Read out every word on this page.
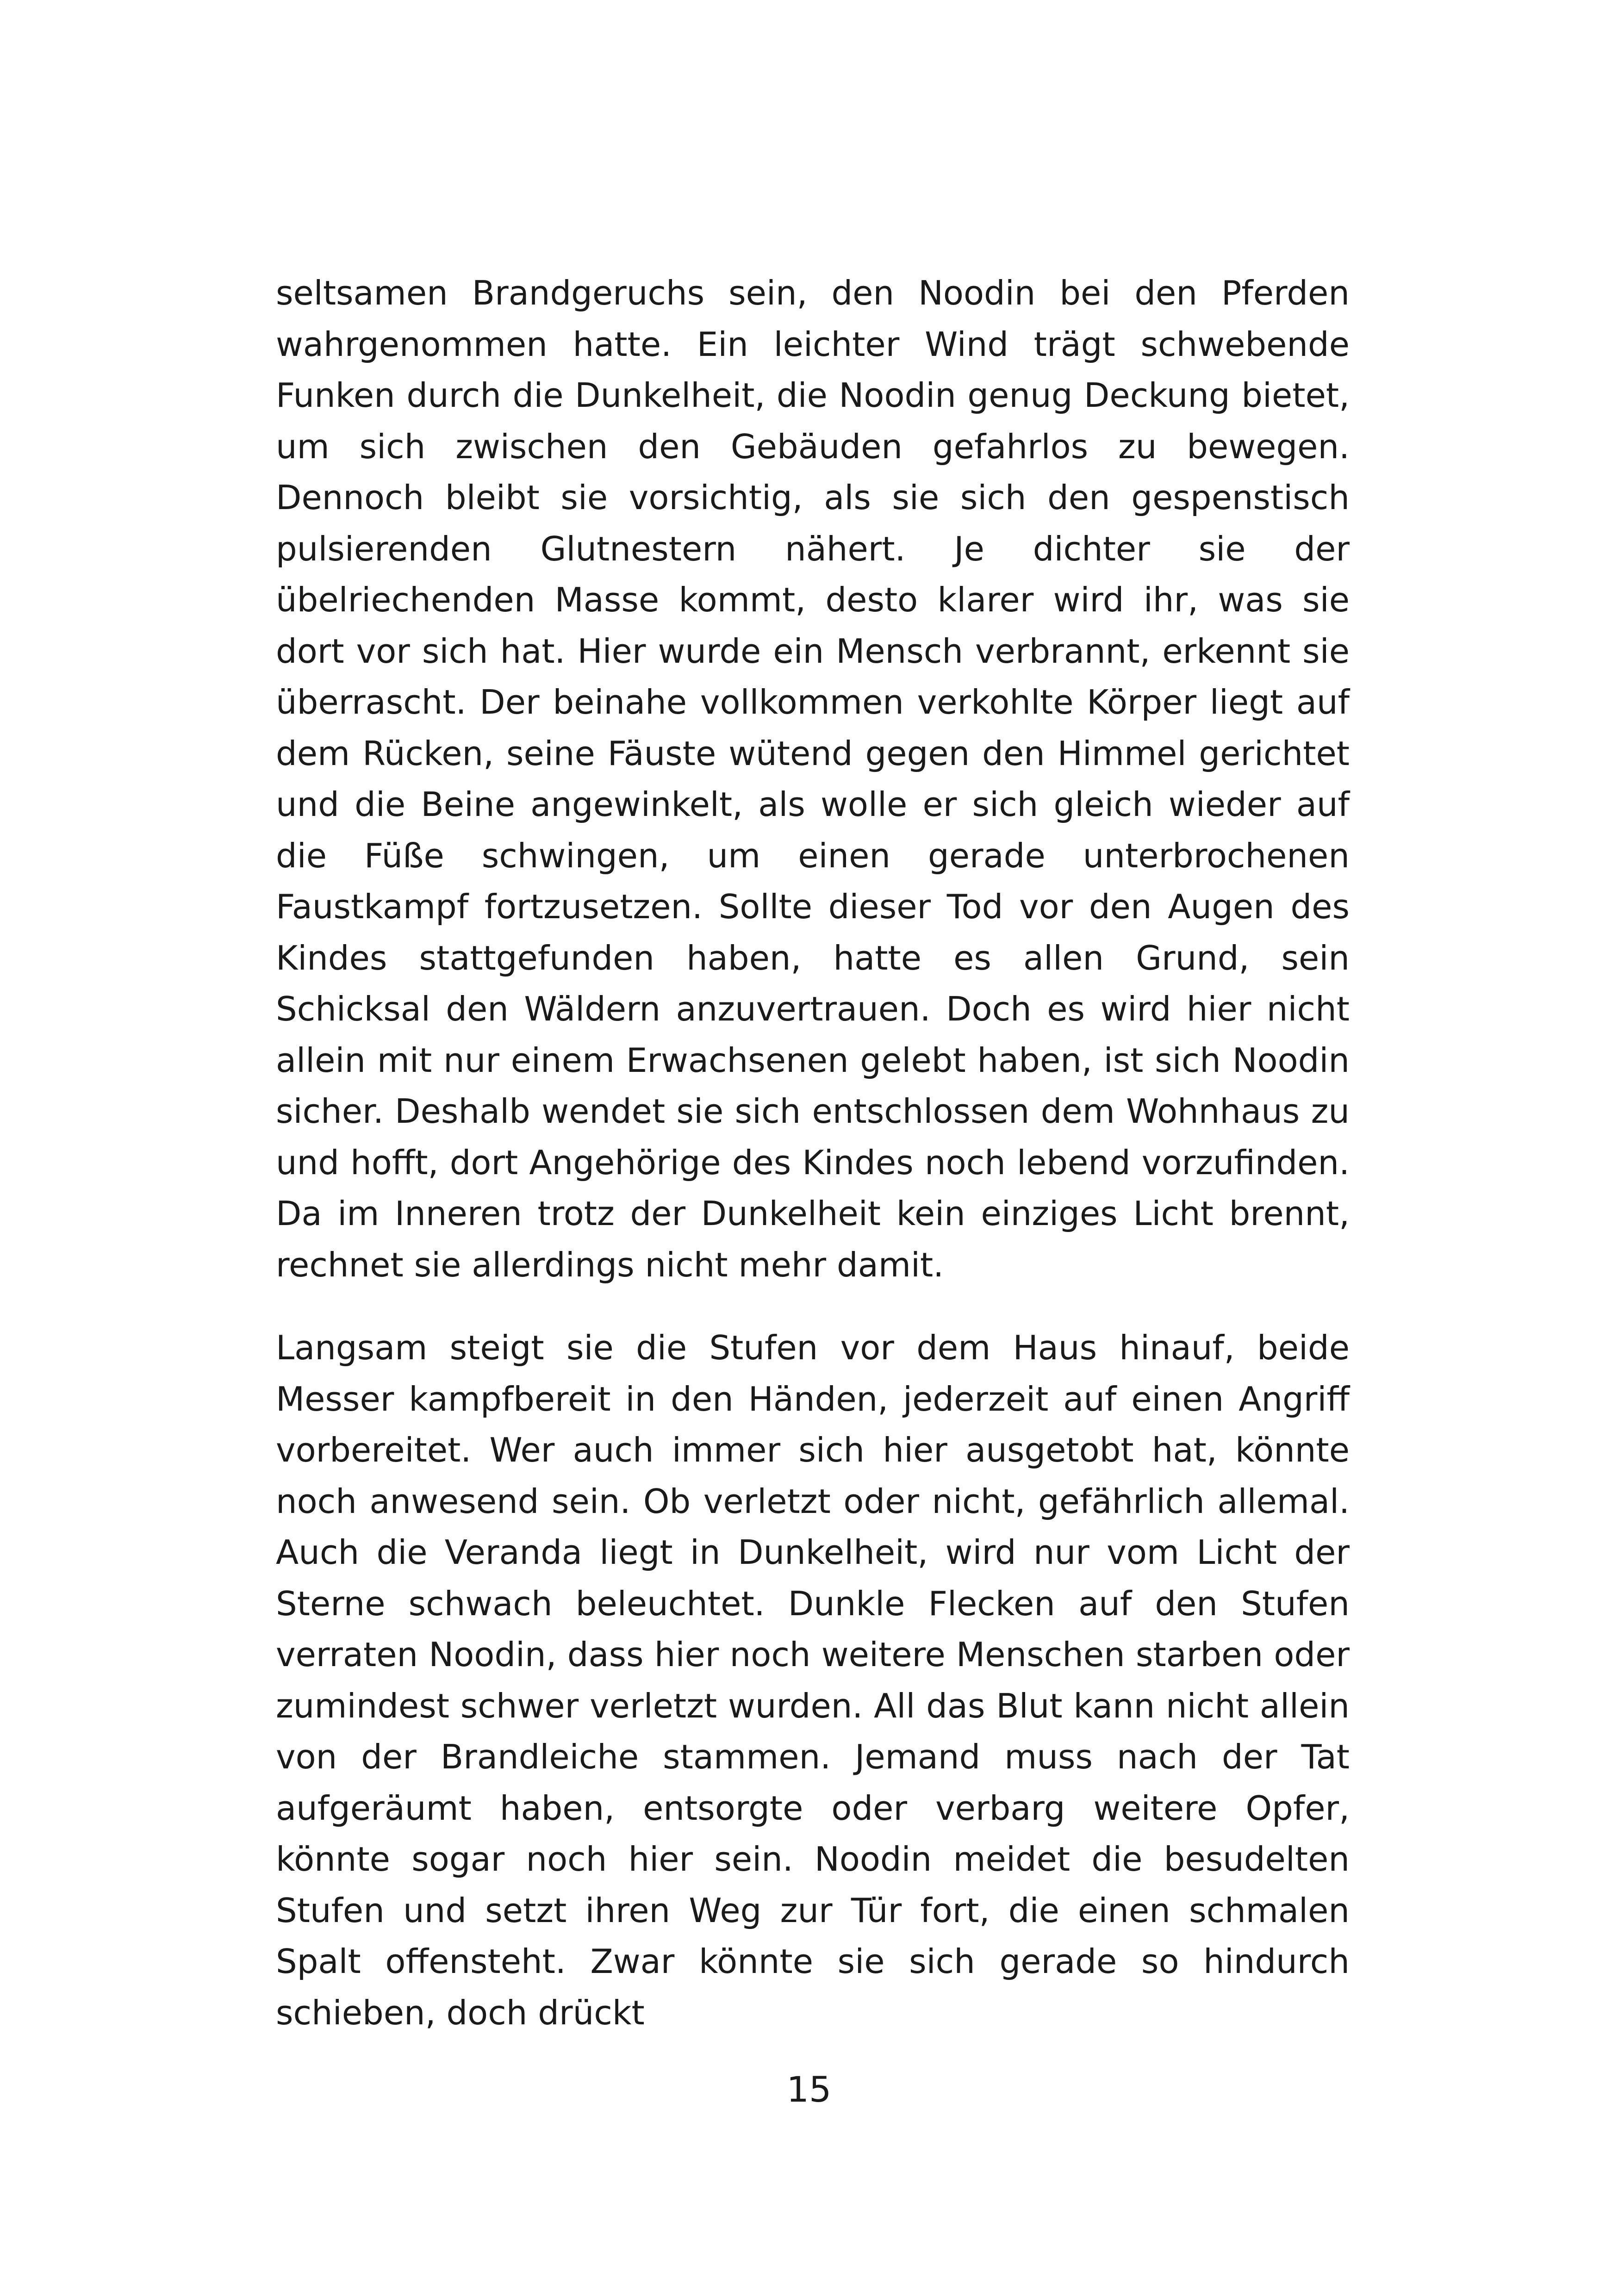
seltsamen Brandgeruchs sein, den Noodin bei den Pferden wahrgenommen hatte. Ein leichter Wind trägt schwebende Funken durch die Dunkelheit, die Noodin genug Deckung bietet, um sich zwischen den Gebäuden gefahrlos zu bewegen. Dennoch bleibt sie vorsichtig, als sie sich den gespenstisch pulsierenden Glutnestern nähert. Je dichter sie der übelriechenden Masse kommt, desto klarer wird ihr, was sie dort vor sich hat. Hier wurde ein Mensch verbrannt, erkennt sie überrascht. Der beinahe vollkommen verkohlte Körper liegt auf dem Rücken, seine Fäuste wütend gegen den Himmel gerichtet und die Beine angewinkelt, als wolle er sich gleich wieder auf die Füße schwingen, um einen gerade unterbrochenen Faustkampf fortzusetzen. Sollte dieser Tod vor den Augen des Kindes stattgefunden haben, hatte es allen Grund, sein Schicksal den Wäldern anzuvertrauen. Doch es wird hier nicht allein mit nur einem Erwachsenen gelebt haben, ist sich Noodin sicher. Deshalb wendet sie sich entschlossen dem Wohnhaus zu und hofft, dort Angehörige des Kindes noch lebend vorzufinden. Da im Inneren trotz der Dunkelheit kein einziges Licht brennt, rechnet sie allerdings nicht mehr damit.

Langsam steigt sie die Stufen vor dem Haus hinauf, beide Messer kampfbereit in den Händen, jederzeit auf einen Angriff vorbereitet. Wer auch immer sich hier ausgetobt hat, könnte noch anwesend sein. Ob verletzt oder nicht, gefährlich allemal. Auch die Veranda liegt in Dunkelheit, wird nur vom Licht der Sterne schwach beleuchtet. Dunkle Flecken auf den Stufen verraten Noodin, dass hier noch weitere Menschen starben oder zumindest schwer verletzt wurden. All das Blut kann nicht allein von der Brandleiche stammen. Jemand muss nach der Tat aufgeräumt haben, entsorgte oder verbarg weitere Opfer, könnte sogar noch hier sein. Noodin meidet die besudelten Stufen und setzt ihren Weg zur Tür fort, die einen schmalen Spalt offensteht. Zwar könnte sie sich gerade so hindurch schieben, doch drückt

15
